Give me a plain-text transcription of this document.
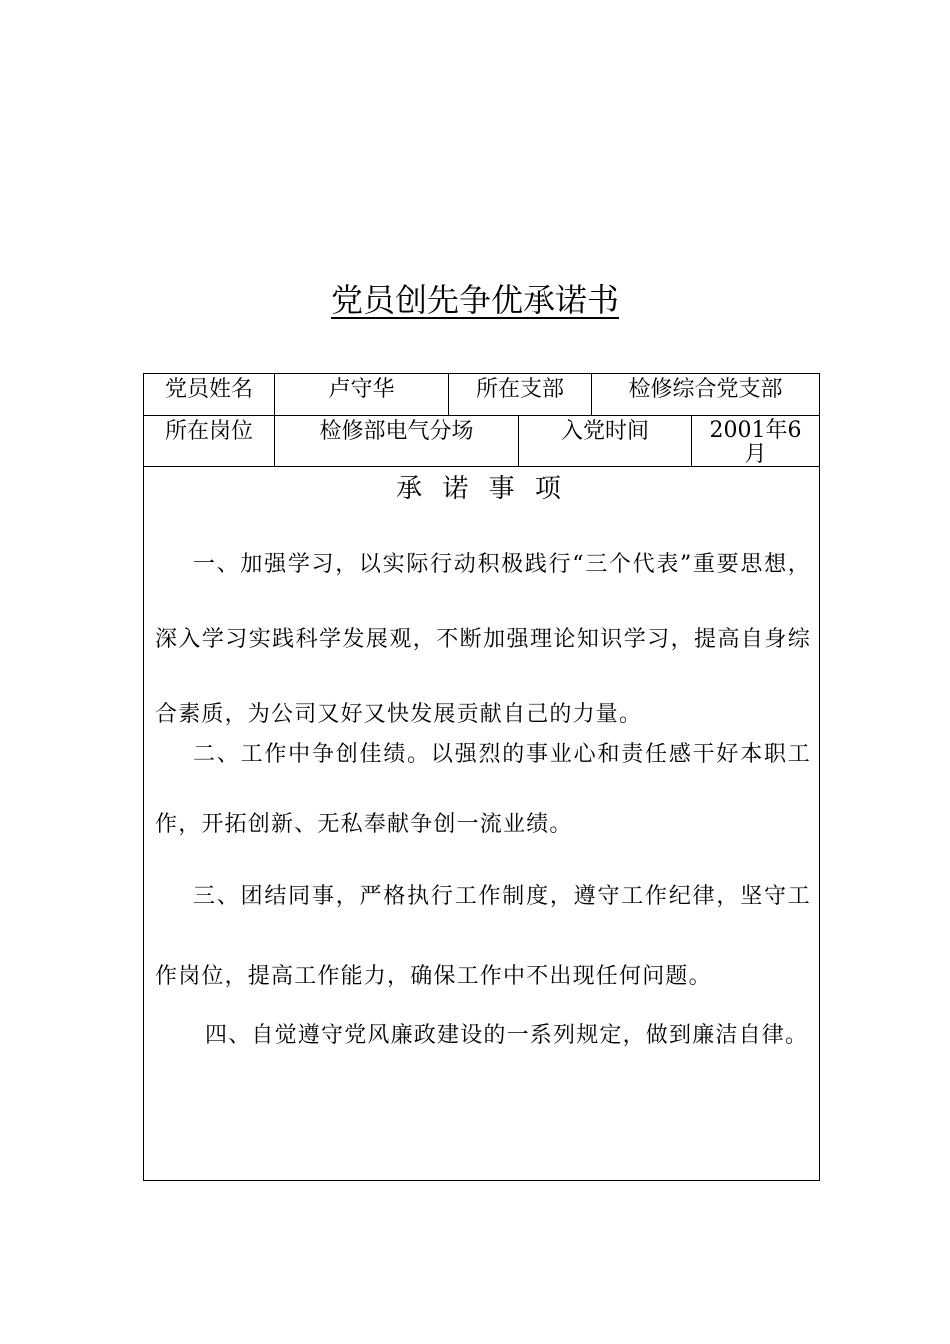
党员创先争优承诺书
党员姓名	卢守华	所在支部	检修综合党支部
所在岗位	检修部电气分场	入党时间	2001年6月
承 诺 事 项
一、加强学习，以实际行动积极践行“三个代表”重要思想，深入学习实践科学发展观，不断加强理论知识学习，提高自身综合素质，为公司又好又快发展贡献自己的力量。
二、工作中争创佳绩。以强烈的事业心和责任感干好本职工作，开拓创新、无私奉献争创一流业绩。
三、团结同事，严格执行工作制度，遵守工作纪律，坚守工作岗位，提高工作能力，确保工作中不出现任何问题。
四、自觉遵守党风廉政建设的一系列规定，做到廉洁自律。
